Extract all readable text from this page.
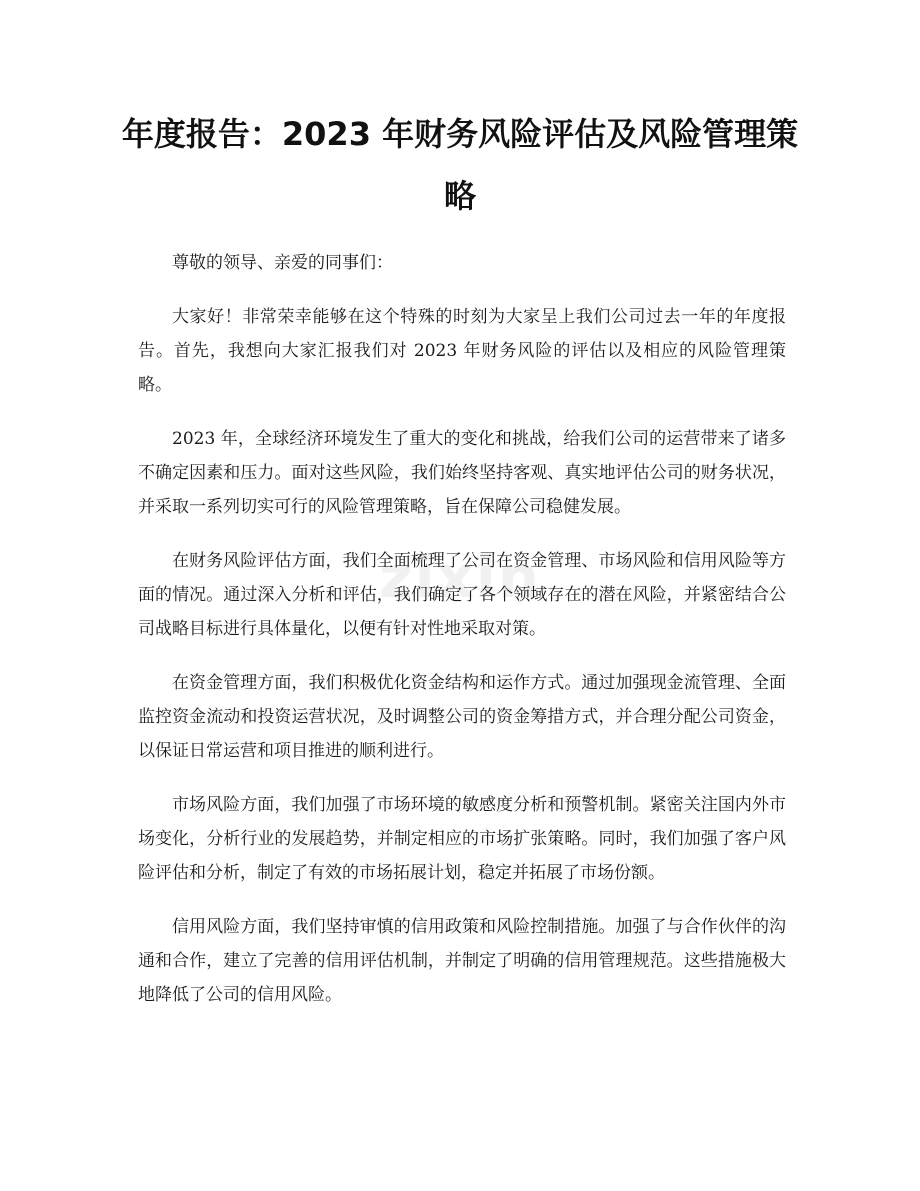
年度报告：2023 年财务风险评估及风险管理策略
zixin

尊敬的领导、亲爱的同事们：

大家好！非常荣幸能够在这个特殊的时刻为大家呈上我们公司过去一年的年度报告。首先，我想向大家汇报我们对 2023 年财务风险的评估以及相应的风险管理策略。

2023 年，全球经济环境发生了重大的变化和挑战，给我们公司的运营带来了诸多不确定因素和压力。面对这些风险，我们始终坚持客观、真实地评估公司的财务状况，并采取一系列切实可行的风险管理策略，旨在保障公司稳健发展。

在财务风险评估方面，我们全面梳理了公司在资金管理、市场风险和信用风险等方面的情况。通过深入分析和评估，我们确定了各个领域存在的潜在风险，并紧密结合公司战略目标进行具体量化，以便有针对性地采取对策。

在资金管理方面，我们积极优化资金结构和运作方式。通过加强现金流管理、全面监控资金流动和投资运营状况，及时调整公司的资金筹措方式，并合理分配公司资金，以保证日常运营和项目推进的顺利进行。

市场风险方面，我们加强了市场环境的敏感度分析和预警机制。紧密关注国内外市场变化，分析行业的发展趋势，并制定相应的市场扩张策略。同时，我们加强了客户风险评估和分析，制定了有效的市场拓展计划，稳定并拓展了市场份额。

信用风险方面，我们坚持审慎的信用政策和风险控制措施。加强了与合作伙伴的沟通和合作，建立了完善的信用评估机制，并制定了明确的信用管理规范。这些措施极大地降低了公司的信用风险。
